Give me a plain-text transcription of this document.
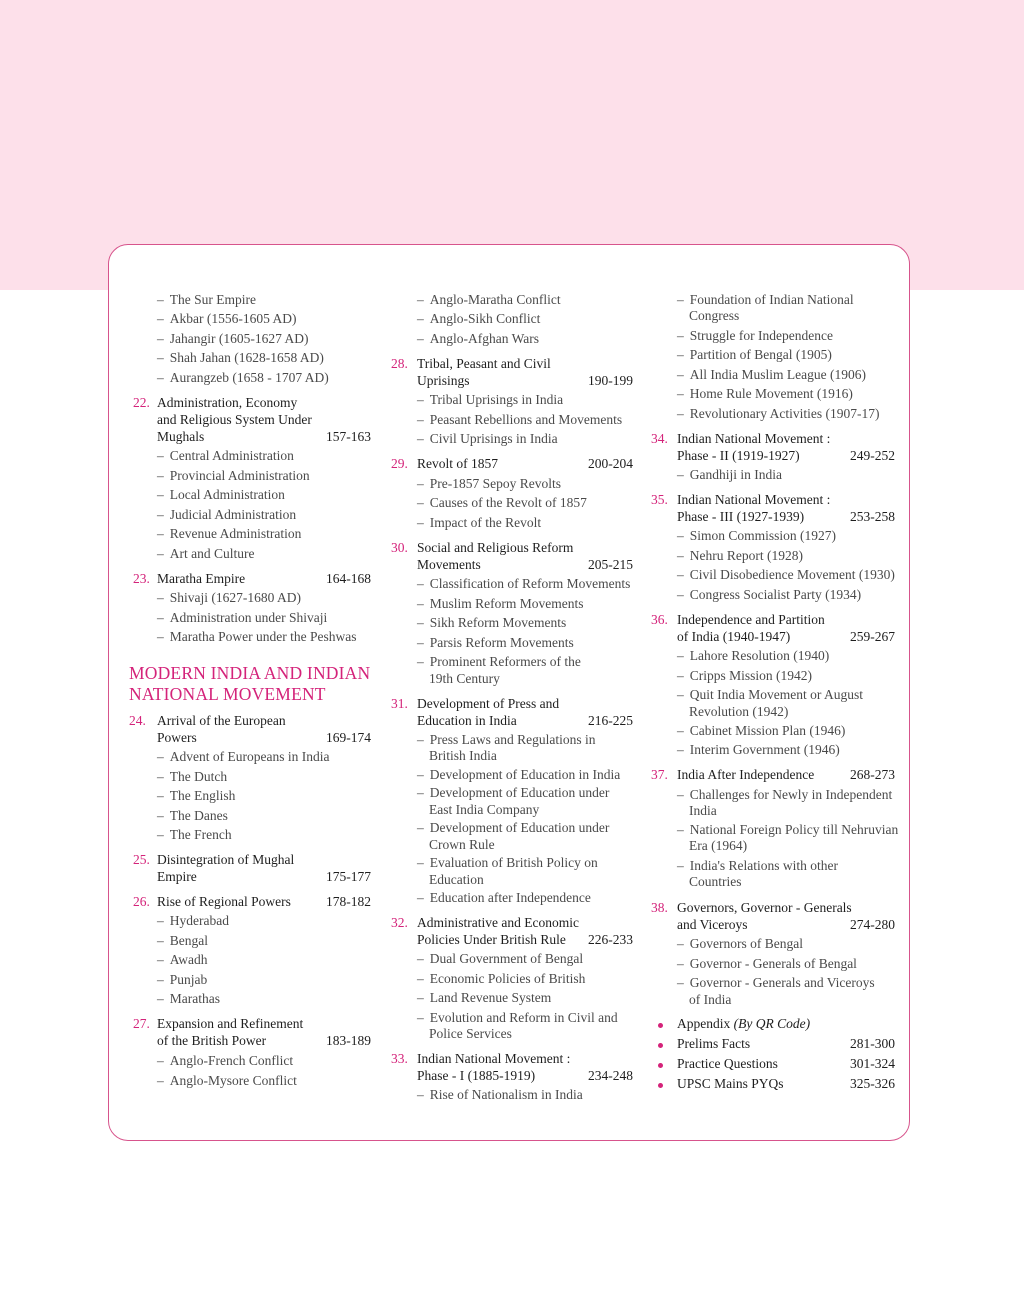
– The Sur Empire
– Akbar (1556-1605 AD)
– Jahangir (1605-1627 AD)
– Shah Jahan (1628-1658 AD)
– Aurangzeb (1658 - 1707 AD)
22. Administration, Economy
and Religious System Under
Mughals	157-163
– Central Administration
– Provincial Administration
– Local Administration
– Judicial Administration
– Revenue Administration
– Art and Culture
23. Maratha Empire	164-168
– Shivaji (1627-1680 AD)
– Administration under Shivaji
– Maratha Power under the Peshwas
MODERN INDIA AND INDIAN
NATIONAL MOVEMENT
24. Arrival of the European
Powers	169-174
– Advent of Europeans in India
– The Dutch
– The English
– The Danes
– The French
25. Disintegration of Mughal
Empire	175-177
26. Rise of Regional Powers	178-182
– Hyderabad
– Bengal
– Awadh
– Punjab
– Marathas
27. Expansion and Refinement
of the British Power	183-189
– Anglo-French Conflict
– Anglo-Mysore Conflict
– Anglo-Maratha Conflict
– Anglo-Sikh Conflict
– Anglo-Afghan Wars
28. Tribal, Peasant and Civil
Uprisings	190-199
– Tribal Uprisings in India
– Peasant Rebellions and Movements
– Civil Uprisings in India
29. Revolt of 1857	200-204
– Pre-1857 Sepoy Revolts
– Causes of the Revolt of 1857
– Impact of the Revolt
30. Social and Religious Reform
Movements	205-215
– Classification of Reform Movements
– Muslim Reform Movements
– Sikh Reform Movements
– Parsis Reform Movements
– Prominent Reformers of the
19th Century
31. Development of Press and
Education in India	216-225
– Press Laws and Regulations in
British India
– Development of Education in India
– Development of Education under
East India Company
– Development of Education under
Crown Rule
– Evaluation of British Policy on
Education
– Education after Independence
32. Administrative and Economic
Policies Under British Rule 226-233
– Dual Government of Bengal
– Economic Policies of British
– Land Revenue System
– Evolution and Reform in Civil and
Police Services
33. Indian National Movement :
Phase - I (1885-1919)	234-248
– Rise of Nationalism in India
– Foundation of Indian National
Congress
– Struggle for Independence
– Partition of Bengal (1905)
– All India Muslim League (1906)
– Home Rule Movement (1916)
– Revolutionary Activities (1907-17)
34. Indian National Movement :
Phase - II (1919-1927)	249-252
– Gandhiji in India
35. Indian National Movement :
Phase - III (1927-1939)	253-258
– Simon Commission (1927)
– Nehru Report (1928)
– Civil Disobedience Movement (1930)
– Congress Socialist Party (1934)
36. Independence and Partition
of India (1940-1947)	259-267
– Lahore Resolution (1940)
– Cripps Mission (1942)
– Quit India Movement or August
Revolution (1942)
– Cabinet Mission Plan (1946)
– Interim Government (1946)
37. India After Independence	268-273
– Challenges for Newly in Independent
India
– National Foreign Policy till Nehruvian
Era (1964)
– India's Relations with other
Countries
38. Governors, Governor - Generals
and Viceroys	274-280
– Governors of Bengal
– Governor - Generals of Bengal
– Governor - Generals and Viceroys
of India
Appendix (By QR Code)
Prelims Facts	281-300
Practice Questions	301-324
UPSC Mains PYQs	325-326
